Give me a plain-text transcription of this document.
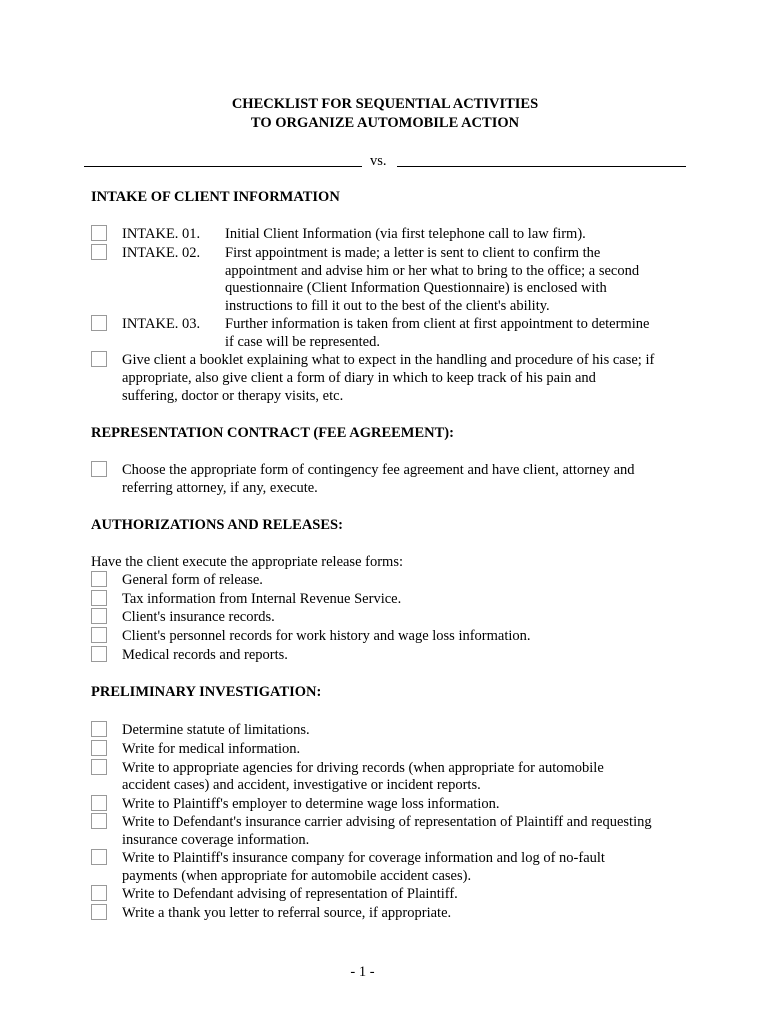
CHECKLIST FOR SEQUENTIAL ACTIVITIES
TO ORGANIZE AUTOMOBILE ACTION
vs.
INTAKE OF CLIENT INFORMATION
INTAKE. 01. Initial Client Information (via first telephone call to law firm).
INTAKE. 02. First appointment is made; a letter is sent to client to confirm the
appointment and advise him or her what to bring to the office; a second
questionnaire (Client Information Questionnaire) is enclosed with
instructions to fill it out to the best of the client's ability.
INTAKE. 03. Further information is taken from client at first appointment to determine
if case will be represented.
Give client a booklet explaining what to expect in the handling and procedure of his case; if
appropriate, also give client a form of diary in which to keep track of his pain and
suffering, doctor or therapy visits, etc.
REPRESENTATION CONTRACT (FEE AGREEMENT):
Choose the appropriate form of contingency fee agreement and have client, attorney and
referring attorney, if any, execute.
AUTHORIZATIONS AND RELEASES:
Have the client execute the appropriate release forms:
General form of release.
Tax information from Internal Revenue Service.
Client's insurance records.
Client's personnel records for work history and wage loss information.
Medical records and reports.
PRELIMINARY INVESTIGATION:
Determine statute of limitations.
Write for medical information.
Write to appropriate agencies for driving records (when appropriate for automobile
accident cases) and accident, investigative or incident reports.
Write to Plaintiff's employer to determine wage loss information.
Write to Defendant's insurance carrier advising of representation of Plaintiff and requesting
insurance coverage information.
Write to Plaintiff's insurance company for coverage information and log of no-fault
payments (when appropriate for automobile accident cases).
Write to Defendant advising of representation of Plaintiff.
Write a thank you letter to referral source, if appropriate.
- 1 -
